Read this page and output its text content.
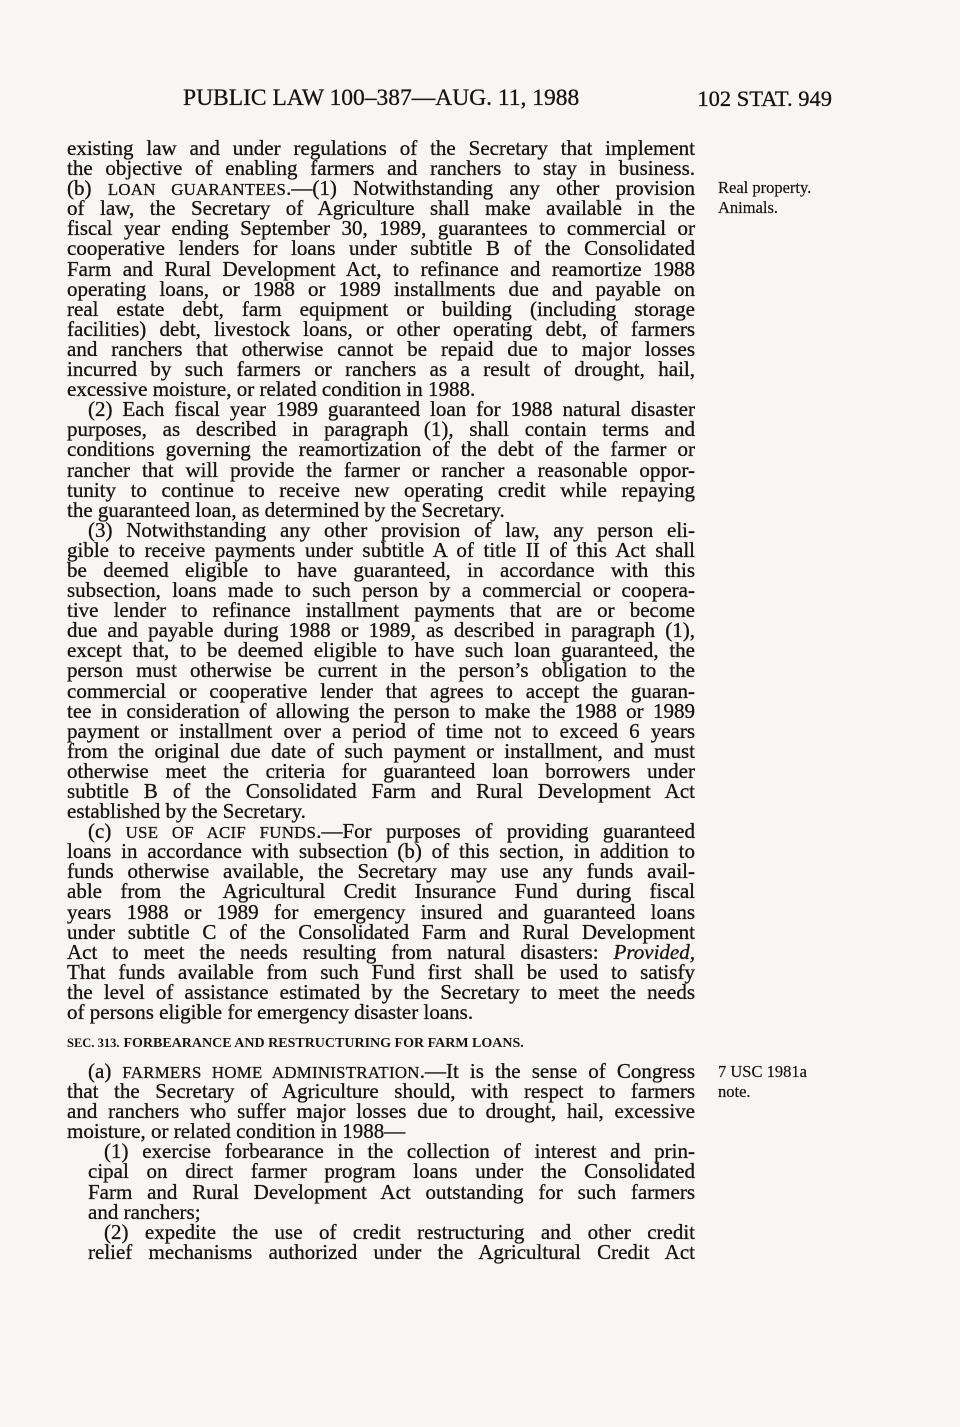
PUBLIC LAW 100–387—AUG. 11, 1988	102 STAT. 949
Real property.
Animals.
7 USC 1981a
note.
existing law and under regulations of the Secretary that implement
the objective of enabling farmers and ranchers to stay in business.
(b) LOAN GUARANTEES.—(1) Notwithstanding any other provision
of law, the Secretary of Agriculture shall make available in the
fiscal year ending September 30, 1989, guarantees to commercial or
cooperative lenders for loans under subtitle B of the Consolidated
Farm and Rural Development Act, to refinance and reamortize 1988
operating loans, or 1988 or 1989 installments due and payable on
real estate debt, farm equipment or building (including storage
facilities) debt, livestock loans, or other operating debt, of farmers
and ranchers that otherwise cannot be repaid due to major losses
incurred by such farmers or ranchers as a result of drought, hail,
excessive moisture, or related condition in 1988.
(2) Each fiscal year 1989 guaranteed loan for 1988 natural disaster
purposes, as described in paragraph (1), shall contain terms and
conditions governing the reamortization of the debt of the farmer or
rancher that will provide the farmer or rancher a reasonable oppor-
tunity to continue to receive new operating credit while repaying
the guaranteed loan, as determined by the Secretary.
(3) Notwithstanding any other provision of law, any person eli-
gible to receive payments under subtitle A of title II of this Act shall
be deemed eligible to have guaranteed, in accordance with this
subsection, loans made to such person by a commercial or coopera-
tive lender to refinance installment payments that are or become
due and payable during 1988 or 1989, as described in paragraph (1),
except that, to be deemed eligible to have such loan guaranteed, the
person must otherwise be current in the person’s obligation to the
commercial or cooperative lender that agrees to accept the guaran-
tee in consideration of allowing the person to make the 1988 or 1989
payment or installment over a period of time not to exceed 6 years
from the original due date of such payment or installment, and must
otherwise meet the criteria for guaranteed loan borrowers under
subtitle B of the Consolidated Farm and Rural Development Act
established by the Secretary.
(c) USE OF ACIF FUNDS.—For purposes of providing guaranteed
loans in accordance with subsection (b) of this section, in addition to
funds otherwise available, the Secretary may use any funds avail-
able from the Agricultural Credit Insurance Fund during fiscal
years 1988 or 1989 for emergency insured and guaranteed loans
under subtitle C of the Consolidated Farm and Rural Development
Act to meet the needs resulting from natural disasters: Provided,
That funds available from such Fund first shall be used to satisfy
the level of assistance estimated by the Secretary to meet the needs
of persons eligible for emergency disaster loans.
SEC. 313. FORBEARANCE AND RESTRUCTURING FOR FARM LOANS.
(a) FARMERS HOME ADMINISTRATION.—It is the sense of Congress
that the Secretary of Agriculture should, with respect to farmers
and ranchers who suffer major losses due to drought, hail, excessive
moisture, or related condition in 1988—
(1) exercise forbearance in the collection of interest and prin-
cipal on direct farmer program loans under the Consolidated
Farm and Rural Development Act outstanding for such farmers
and ranchers;
(2) expedite the use of credit restructuring and other credit
relief mechanisms authorized under the Agricultural Credit Act
